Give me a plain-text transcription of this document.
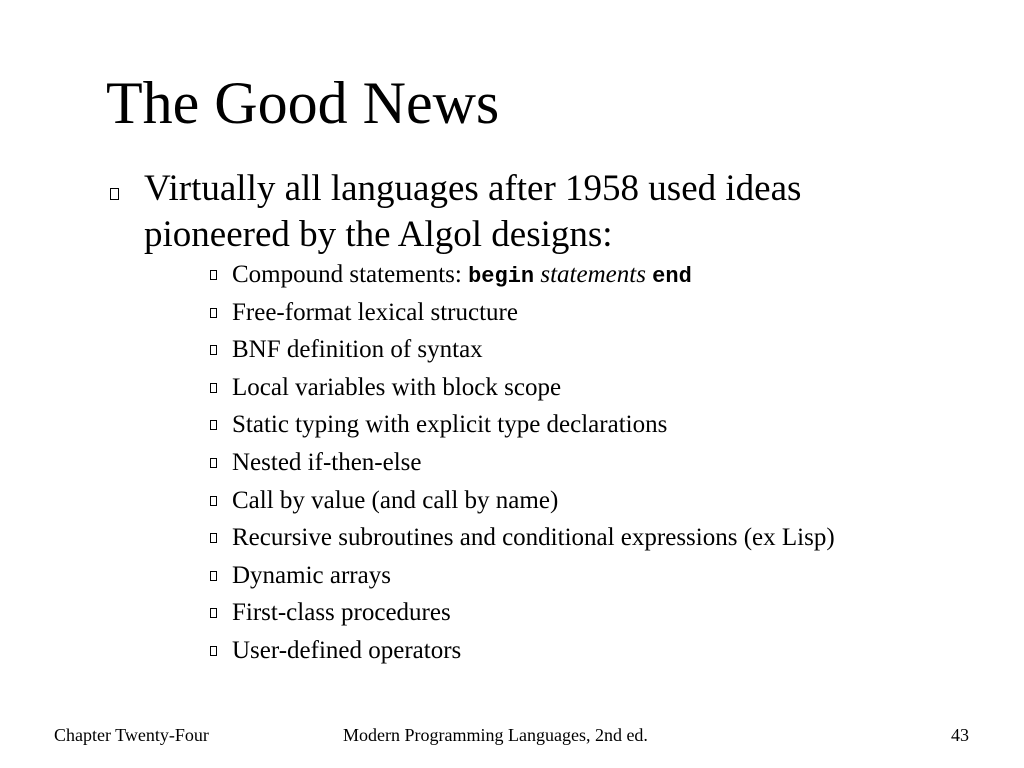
The Good News
Virtually all languages after 1958 used ideas pioneered by the Algol designs:
Compound statements: begin statements end
Free-format lexical structure
BNF definition of syntax
Local variables with block scope
Static typing with explicit type declarations
Nested if-then-else
Call by value (and call by name)
Recursive subroutines and conditional expressions (ex Lisp)
Dynamic arrays
First-class procedures
User-defined operators
Chapter Twenty-Four	Modern Programming Languages, 2nd ed.	43
